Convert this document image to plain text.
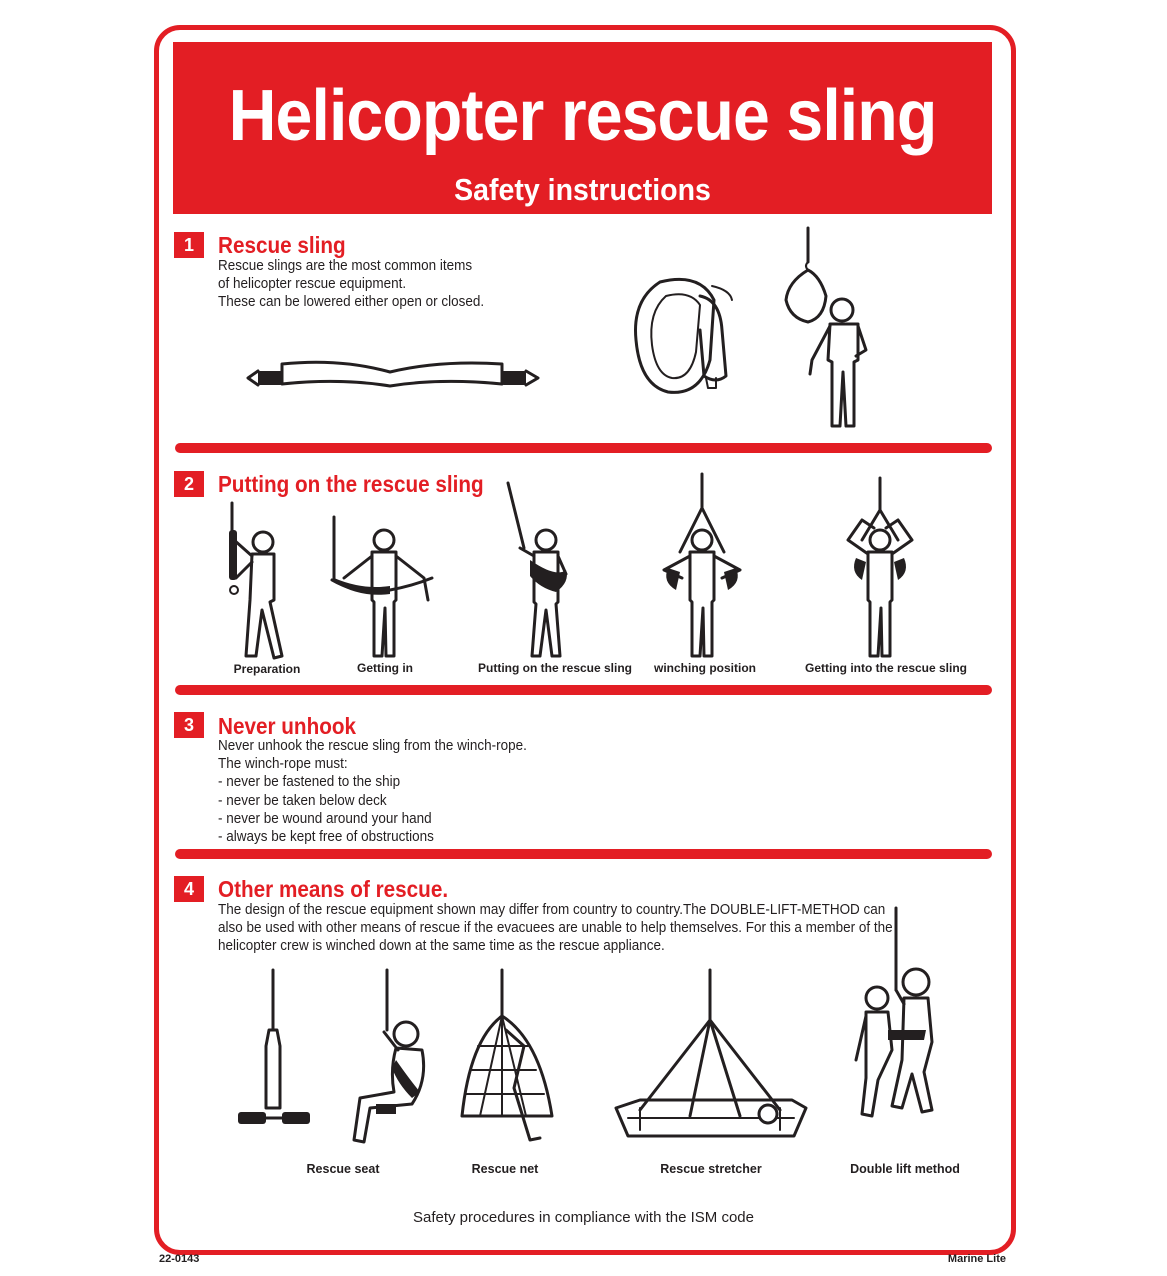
Helicopter rescue sling
Safety instructions
1	Rescue sling
Rescue slings are the most common items
of helicopter rescue equipment.
These can be lowered either open or closed.
2	Putting on the rescue sling
Preparation	Getting in	Putting on the rescue sling winching position	Getting into the rescue sling
3	Never unhook
Never unhook the rescue sling from the winch-rope.
The winch-rope must:
- never be fastened to the ship
- never be taken below deck
- never be wound around your hand
- always be kept free of obstructions
4	Other means of rescue.
The design of the rescue equipment shown may differ from country to country.The DOUBLE-LIFT-METHOD can
also be used with other means of rescue if the evacuees are unable to help themselves. For this a member of the
helicopter crew is winched down at the same time as the rescue appliance.
Rescue seat	Rescue net	Rescue stretcher	Double lift method
Safety procedures in compliance with the ISM code
22-0143	Marine Lite
